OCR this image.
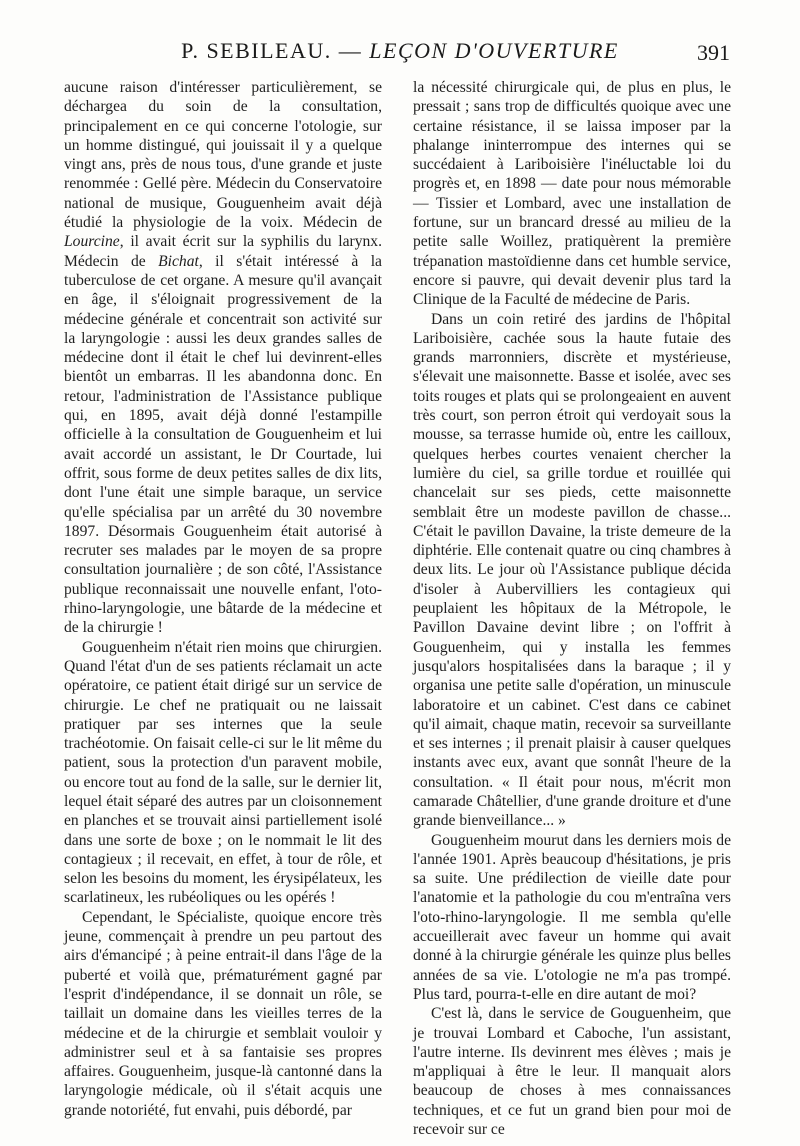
P. SEBILEAU. — LEÇON D'OUVERTURE	391

aucune raison d'intéresser particulièrement, se déchargea du soin de la consultation, principalement en ce qui concerne l'otologie, sur un homme distingué, qui jouissait il y a quelque vingt ans, près de nous tous, d'une grande et juste renommée : Gellé père. Médecin du Conservatoire national de musique, Gouguenheim avait déjà étudié la physiologie de la voix. Médecin de Lourcine, il avait écrit sur la syphilis du larynx. Médecin de Bichat, il s'était intéressé à la tuberculose de cet organe. A mesure qu'il avançait en âge, il s'éloignait progressivement de la médecine générale et concentrait son activité sur la laryngologie : aussi les deux grandes salles de médecine dont il était le chef lui devinrent-elles bientôt un embarras. Il les abandonna donc. En retour, l'administration de l'Assistance publique qui, en 1895, avait déjà donné l'estampille officielle à la consultation de Gouguenheim et lui avait accordé un assistant, le Dr Courtade, lui offrit, sous forme de deux petites salles de dix lits, dont l'une était une simple baraque, un service qu'elle spécialisa par un arrêté du 30 novembre 1897. Désormais Gouguenheim était autorisé à recruter ses malades par le moyen de sa propre consultation journalière ; de son côté, l'Assistance publique reconnaissait une nouvelle enfant, l'oto-rhino-laryngologie, une bâtarde de la médecine et de la chirurgie !

Gouguenheim n'était rien moins que chirurgien. Quand l'état d'un de ses patients réclamait un acte opératoire, ce patient était dirigé sur un service de chirurgie. Le chef ne pratiquait ou ne laissait pratiquer par ses internes que la seule trachéotomie. On faisait celle-ci sur le lit même du patient, sous la protection d'un paravent mobile, ou encore tout au fond de la salle, sur le dernier lit, lequel était séparé des autres par un cloisonnement en planches et se trouvait ainsi partiellement isolé dans une sorte de boxe ; on le nommait le lit des contagieux ; il recevait, en effet, à tour de rôle, et selon les besoins du moment, les érysipélateux, les scarlatineux, les rubéoliques ou les opérés !

Cependant, le Spécialiste, quoique encore très jeune, commençait à prendre un peu partout des airs d'émancipé ; à peine entrait-il dans l'âge de la puberté et voilà que, prématurément gagné par l'esprit d'indépendance, il se donnait un rôle, se taillait un domaine dans les vieilles terres de la médecine et de la chirurgie et semblait vouloir y administrer seul et à sa fantaisie ses propres affaires. Gouguenheim, jusque-là cantonné dans la laryngologie médicale, où il s'était acquis une grande notoriété, fut envahi, puis débordé, par

la nécessité chirurgicale qui, de plus en plus, le pressait ; sans trop de difficultés quoique avec une certaine résistance, il se laissa imposer par la phalange ininterrompue des internes qui se succédaient à Lariboisière l'inéluctable loi du progrès et, en 1898 — date pour nous mémorable — Tissier et Lombard, avec une installation de fortune, sur un brancard dressé au milieu de la petite salle Woillez, pratiquèrent la première trépanation mastoïdienne dans cet humble service, encore si pauvre, qui devait devenir plus tard la Clinique de la Faculté de médecine de Paris.

Dans un coin retiré des jardins de l'hôpital Lariboisière, cachée sous la haute futaie des grands marronniers, discrète et mystérieuse, s'élevait une maisonnette. Basse et isolée, avec ses toits rouges et plats qui se prolongeaient en auvent très court, son perron étroit qui verdoyait sous la mousse, sa terrasse humide où, entre les cailloux, quelques herbes courtes venaient chercher la lumière du ciel, sa grille tordue et rouillée qui chancelait sur ses pieds, cette maisonnette semblait être un modeste pavillon de chasse... C'était le pavillon Davaine, la triste demeure de la diphtérie. Elle contenait quatre ou cinq chambres à deux lits. Le jour où l'Assistance publique décida d'isoler à Aubervilliers les contagieux qui peuplaient les hôpitaux de la Métropole, le Pavillon Davaine devint libre ; on l'offrit à Gouguenheim, qui y installa les femmes jusqu'alors hospitalisées dans la baraque ; il y organisa une petite salle d'opération, un minuscule laboratoire et un cabinet. C'est dans ce cabinet qu'il aimait, chaque matin, recevoir sa surveillante et ses internes ; il prenait plaisir à causer quelques instants avec eux, avant que sonnât l'heure de la consultation. « Il était pour nous, m'écrit mon camarade Châtellier, d'une grande droiture et d'une grande bienveillance... »

Gouguenheim mourut dans les derniers mois de l'année 1901. Après beaucoup d'hésitations, je pris sa suite. Une prédilection de vieille date pour l'anatomie et la pathologie du cou m'entraîna vers l'oto-rhino-laryngologie. Il me sembla qu'elle accueillerait avec faveur un homme qui avait donné à la chirurgie générale les quinze plus belles années de sa vie. L'otologie ne m'a pas trompé. Plus tard, pourra-t-elle en dire autant de moi?

C'est là, dans le service de Gouguenheim, que je trouvai Lombard et Caboche, l'un assistant, l'autre interne. Ils devinrent mes élèves ; mais je m'appliquai à être le leur. Il manquait alors beaucoup de choses à mes connaissances techniques, et ce fut un grand bien pour moi de recevoir sur ce
